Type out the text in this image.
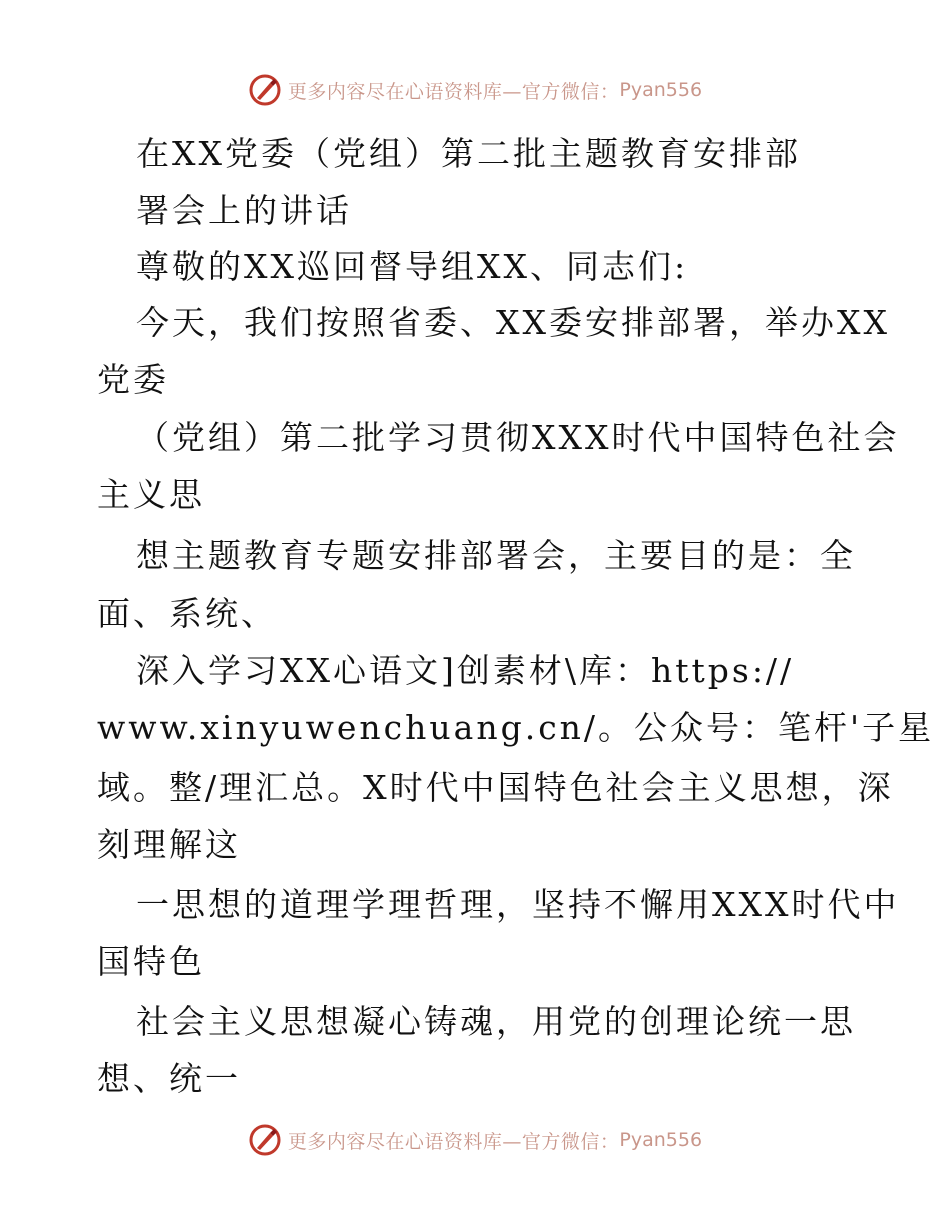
更多内容尽在心语资料库—官方微信： Pyan556
在XX党委（党组）第二批主题教育安排部
署会上的讲话
尊敬的XX巡回督导组XX、同志们:
今天，我们按照省委、XX委安排部署，举办XX
党委
（党组）第二批学习贯彻XXX时代中国特色社会
主义思
想主题教育专题安排部署会，主要目的是：全
面、系统、
深入学习XX心语文]创素材\库：https://
www.xinyuwenchuang.cn/。公众号：笔杆'子星
域。整/理汇总。X时代中国特色社会主义思想，深
刻理解这
一思想的道理学理哲理，坚持不懈用XXX时代中
国特色
社会主义思想凝心铸魂，用党的创理论统一思
想、统一
更多内容尽在心语资料库—官方微信： Pyan556
